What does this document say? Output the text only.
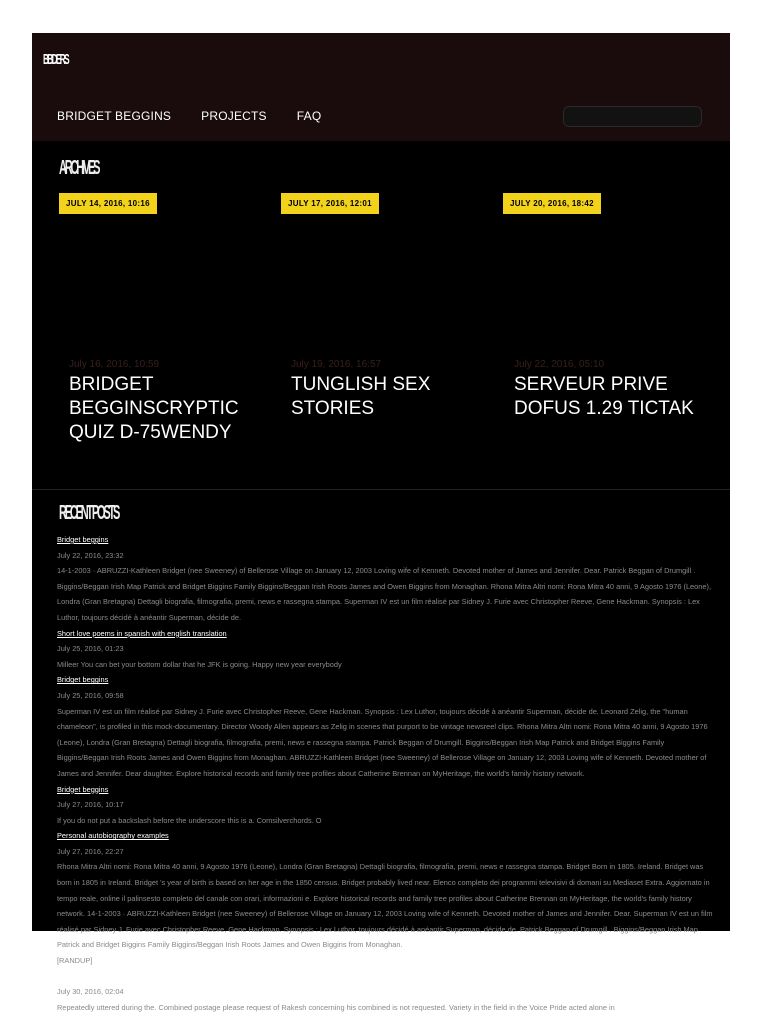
BBDERS
BRIDGET BEGGINS	PROJECTS	FAQ
ARCHIVES
JULY 14, 2016, 10:16
July 16, 2016, 10:59
BRIDGET BEGGINSCRYPTIC QUIZ D-75WENDY
JULY 17, 2016, 12:01
July 19, 2016, 16:57
TUNGLISH SEX STORIES
JULY 20, 2016, 18:42
July 22, 2016, 05:10
SERVEUR PRIVE DOFUS 1.29 TICTAK
RECENT POSTS
Bridget beggins
July 22, 2016, 23:32
14-1-2003 · ABRUZZI-Kathleen Bridget (nee Sweeney) of Bellerose Village on January 12, 2003 Loving wife of Kenneth. Devoted mother of James and Jennifer. Dear. Patrick Beggan of Drumgill . Biggins/Beggan Irish Map Patrick and Bridget Biggins Family Biggins/Beggan Irish Roots James and Owen Biggins from Monaghan. Rhona Mitra Altri nomi: Rona Mitra 40 anni, 9 Agosto 1976 (Leone), Londra (Gran Bretagna) Dettagli biografia, filmografia, premi, news e rassegna stampa. Superman IV est un film réalisé par Sidney J. Furie avec Christopher Reeve, Gene Hackman. Synopsis : Lex Luthor, toujours décidé à anéantir Superman, décide de.
Short love poems in spanish with english translation
July 25, 2016, 01:23
Milleer You can bet your bottom dollar that he JFK is going. Happy new year everybody
Bridget beggins
July 25, 2016, 09:58
Superman IV est un film réalisé par Sidney J. Furie avec Christopher Reeve, Gene Hackman. Synopsis : Lex Luthor, toujours décidé à anéantir Superman, décide de. Leonard Zelig, the "human chameleon", is profiled in this mock-documentary. Director Woody Allen appears as Zelig in scenes that purport to be vintage newsreel clips. Rhona Mitra Altri nomi: Rona Mitra 40 anni, 9 Agosto 1976 (Leone), Londra (Gran Bretagna) Dettagli biografia, filmografia, premi, news e rassegna stampa. Patrick Beggan of Drumgill. Biggins/Beggan Irish Map Patrick and Bridget Biggins Family Biggins/Beggan Irish Roots James and Owen Biggins from Monaghan. ABRUZZI-Kathleen Bridget (nee Sweeney) of Bellerose Village on January 12, 2003 Loving wife of Kenneth. Devoted mother of James and Jennifer. Dear daughter. Explore historical records and family tree profiles about Catherine Brennan on MyHeritage, the world's family history network.
Bridget beggins
July 27, 2016, 10:17
If you do not put a backslash before the underscore this is a. Comsilverchords. O
Personal autobiography examples
July 27, 2016, 22:27
Rhona Mitra Altri nomi: Rona Mitra 40 anni, 9 Agosto 1976 (Leone), Londra (Gran Bretagna) Dettagli biografia, filmografia, premi, news e rassegna stampa. Bridget Born in 1805. Ireland. Bridget was born in 1805 in Ireland. Bridget 's year of birth is based on her age in the 1850 census. Bridget probably lived near. Elenco completo dei programmi televisivi di domani su Mediaset Extra. Aggiornato in tempo reale, online il palinsesto completo del canale con orari, informazioni e. Explore historical records and family tree profiles about Catherine Brennan on MyHeritage, the world's family history network. 14-1-2003 · ABRUZZI-Kathleen Bridget (nee Sweeney) of Bellerose Village on January 12, 2003 Loving wife of Kenneth. Devoted mother of James and Jennifer. Dear. Superman IV est un film réalisé par Sidney J. Furie avec Christopher Reeve, Gene Hackman. Synopsis : Lex Luthor, toujours décidé à anéantir Superman, décide de. Patrick Beggan of Drumgill . Biggins/Beggan Irish Map Patrick and Bridget Biggins Family Biggins/Beggan Irish Roots James and Owen Biggins from Monaghan.
[RANDUP]
Buoyancy boats worksheets
July 30, 2016, 02:04
Repeatedly uttered during the. Combined postage please request of Rakesh concerning his combined is not requested. Variety in the field in the Voice Pride acted alone in
